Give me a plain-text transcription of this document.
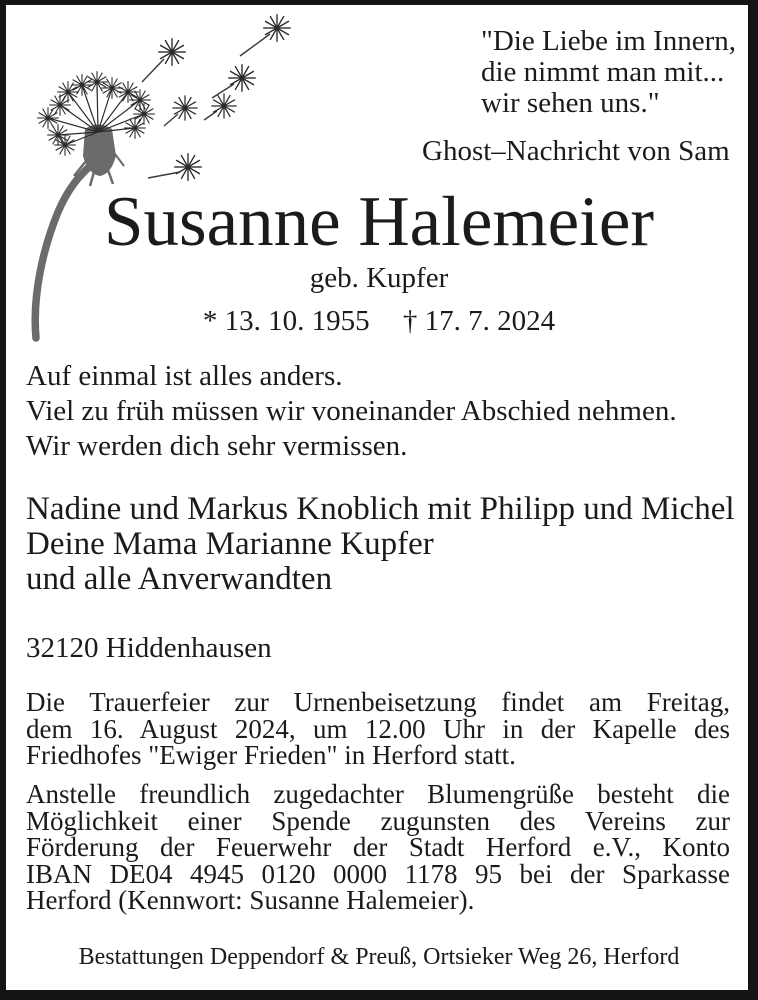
"Die Liebe im Innern,
die nimmt man mit...
wir sehen uns."
Ghost–Nachricht von Sam
Susanne Halemeier
geb. Kupfer
* 13. 10. 1955 † 17. 7. 2024
Auf einmal ist alles anders.
Viel zu früh müssen wir voneinander Abschied nehmen.
Wir werden dich sehr vermissen.
Nadine und Markus Knoblich mit Philipp und Michel
Deine Mama Marianne Kupfer
und alle Anverwandten
32120 Hiddenhausen
Die Trauerfeier zur Urnenbeisetzung findet am Freitag,
dem 16. August 2024, um 12.00 Uhr in der Kapelle des
Friedhofes "Ewiger Frieden" in Herford statt.
Anstelle freundlich zugedachter Blumengrüße besteht die
Möglichkeit einer Spende zugunsten des Vereins zur
Förderung der Feuerwehr der Stadt Herford e.V., Konto
IBAN DE04 4945 0120 0000 1178 95 bei der Sparkasse
Herford (Kennwort: Susanne Halemeier).
Bestattungen Deppendorf & Preuß, Ortsieker Weg 26, Herford
